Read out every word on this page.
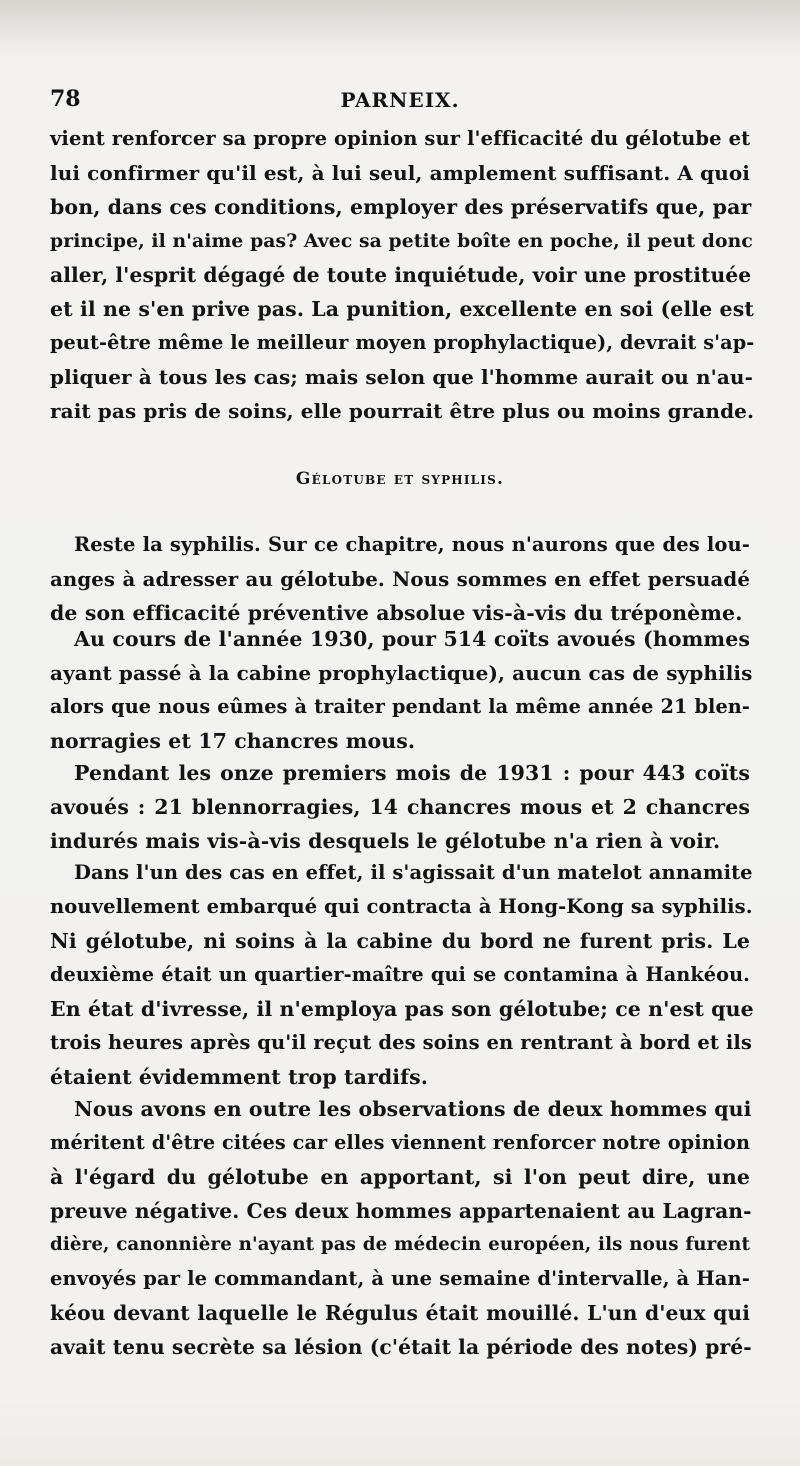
78	PARNEIX.
vient renforcer sa propre opinion sur l'efficacité du gélotube et
lui confirmer qu'il est, à lui seul, amplement suffisant. A quoi
bon, dans ces conditions, employer des préservatifs que, par
principe, il n'aime pas? Avec sa petite boîte en poche, il peut donc
aller, l'esprit dégagé de toute inquiétude, voir une prostituée
et il ne s'en prive pas. La punition, excellente en soi (elle est
peut-être même le meilleur moyen prophylactique), devrait s'ap-
pliquer à tous les cas; mais selon que l'homme aurait ou n'au-
rait pas pris de soins, elle pourrait être plus ou moins grande.
Gélotube et syphilis.
Reste la syphilis. Sur ce chapitre, nous n'aurons que des lou-
anges à adresser au gélotube. Nous sommes en effet persuadé
de son efficacité préventive absolue vis-à-vis du tréponème.
Au cours de l'année 1930, pour 514 coïts avoués (hommes
ayant passé à la cabine prophylactique), aucun cas de syphilis
alors que nous eûmes à traiter pendant la même année 21 blen-
norragies et 17 chancres mous.
Pendant les onze premiers mois de 1931 : pour 443 coïts
avoués : 21 blennorragies, 14 chancres mous et 2 chancres
indurés mais vis-à-vis desquels le gélotube n'a rien à voir.
Dans l'un des cas en effet, il s'agissait d'un matelot annamite
nouvellement embarqué qui contracta à Hong-Kong sa syphilis.
Ni gélotube, ni soins à la cabine du bord ne furent pris. Le
deuxième était un quartier-maître qui se contamina à Hankéou.
En état d'ivresse, il n'employa pas son gélotube; ce n'est que
trois heures après qu'il reçut des soins en rentrant à bord et ils
étaient évidemment trop tardifs.
Nous avons en outre les observations de deux hommes qui
méritent d'être citées car elles viennent renforcer notre opinion
à l'égard du gélotube en apportant, si l'on peut dire, une
preuve négative. Ces deux hommes appartenaient au Lagran-
dière, canonnière n'ayant pas de médecin européen, ils nous furent
envoyés par le commandant, à une semaine d'intervalle, à Han-
kéou devant laquelle le Régulus était mouillé. L'un d'eux qui
avait tenu secrète sa lésion (c'était la période des notes) pré-
